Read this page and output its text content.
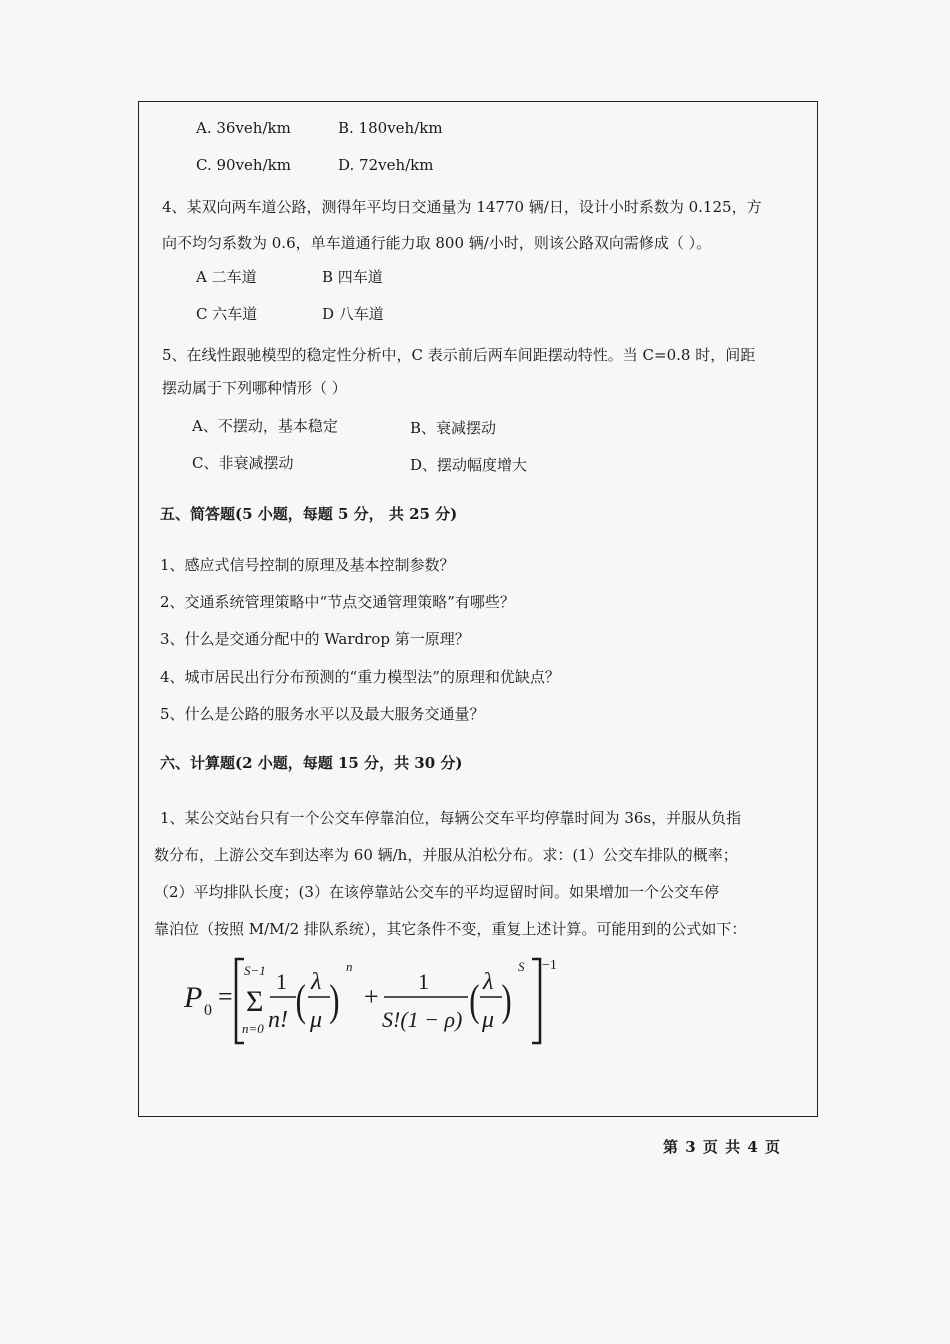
A. 36veh/km	B. 180veh/km
C. 90veh/km	D. 72veh/km
4、某双向两车道公路，测得年平均日交通量为 14770 辆/日，设计小时系数为 0.125，方
向不均匀系数为 0.6，单车道通行能力取 800 辆/小时，则该公路双向需修成（ ）。
A 二车道	B 四车道
C 六车道	D 八车道
5、在线性跟驰模型的稳定性分析中，C 表示前后两车间距摆动特性。当 C=0.8 时，间距
摆动属于下列哪种情形（ ）
A、不摆动，基本稳定	B、衰减摆动
C、非衰减摆动	D、摆动幅度增大
五、简答题(5 小题，每题 5 分， 共 25 分)
1、感应式信号控制的原理及基本控制参数？
2、交通系统管理策略中“节点交通管理策略”有哪些？
3、什么是交通分配中的 Wardrop 第一原理？
4、城市居民出行分布预测的“重力模型法”的原理和优缺点？
5、什么是公路的服务水平以及最大服务交通量？
六、计算题(2 小题，每题 15 分，共 30 分)
1、某公交站台只有一个公交车停靠泊位，每辆公交车平均停靠时间为 36s，并服从负指
数分布，上游公交车到达率为 60 辆/h，并服从泊松分布。求：(1）公交车排队的概率；
（2）平均排队长度；(3）在该停靠站公交车的平均逗留时间。如果增加一个公交车停
靠泊位（按照 M/M/2 排队系统），其它条件不变，重复上述计算。可能用到的公式如下：
P 0 =
S−1
Σ
n=0
1
n! ( λ
μ )
n
+
1
S!(1 − ρ) ( λ
μ )
S −1
第 3 页 共 4 页
